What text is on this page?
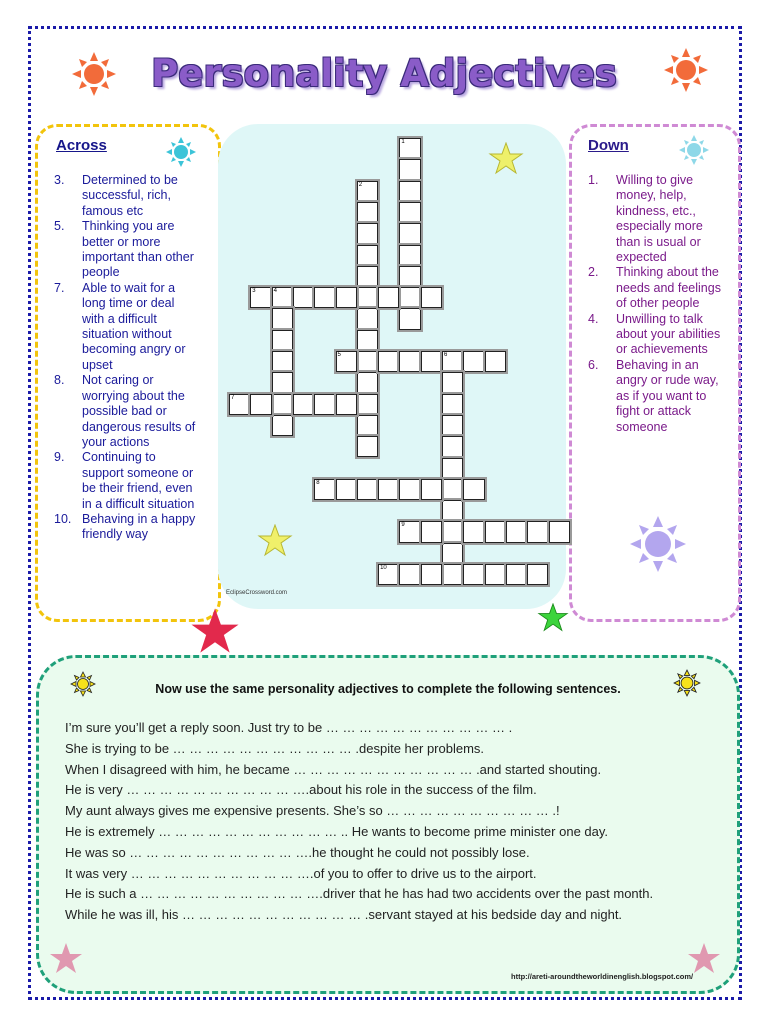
Personality Adjectives
Across
3.	Determined to be successful, rich, famous etc
5.	Thinking you are better or more important than other people
7.	Able to wait for a long time or deal with a difficult situation without becoming angry or upset
8.	Not caring or worrying about the possible bad or dangerous results of your actions
9.	Continuing to support someone or be their friend, even in a difficult situation
10. Behaving in a happy friendly way
Down
1.	Willing to give money, help, kindness, etc., especially more than is usual or expected
2.	Thinking about the needs and feelings of other people
4.	Unwilling to talk about your abilities or achievements
6.	Behaving in an angry or rude way, as if you want to fight or attack someone
1
2
3	4
5	6
7
8
9
10
EclipseCrossword.com
Now use the same personality adjectives to complete the following sentences.
I’m sure you’ll get a reply soon. Just try to be … … … … … … … … … … … .
She is trying to be … … … … … … … … … … … .despite her problems.
When I disagreed with him, he became … … … … … … … … … … … .and started shouting.
He is very … … … … … … … … … … ….about his role in the success of the film.
My aunt always gives me expensive presents. She’s so … … … … … … … … … … .!
He is extremely … … … … … … … … … … … .. He wants to become prime minister one day.
He was so … … … … … … … … … … ….he thought he could not possibly lose.
It was very … … … … … … … … … … ….of you to offer to drive us to the airport.
He is such a … … … … … … … … … … ….driver that he has had two accidents over the past month.
While he was ill, his … … … … … … … … … … … .servant stayed at his bedside day and night.
http://areti-aroundtheworldinenglish.blogspot.com/
